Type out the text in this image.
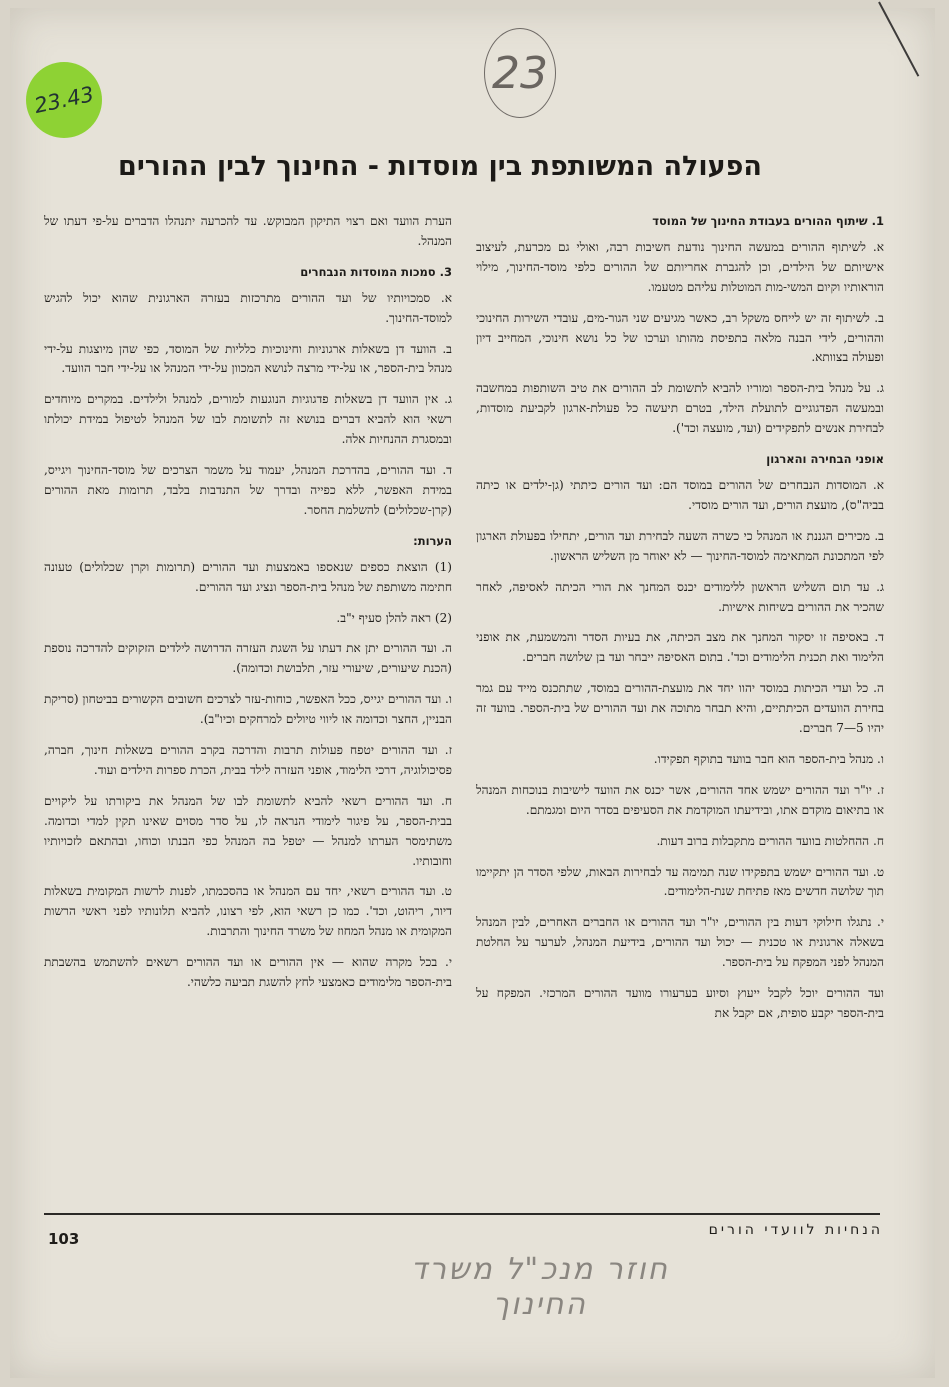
23.43
23
הפעולה המשותפת בין מוסדות - החינוך לבין ההורים

1. שיתוף ההורים בעבודת החינוך של המוסד

א. לשיתוף ההורים במעשה החינוך נודעת חשיבות רבה, ואולי גם מכרעת, לעיצוב אישיותם של הילדים, וכן להגברת אחריותם של ההורים כלפי מוסד-החינוך, מילוי הוראותיו וקיום המשי-מות המוטלות עליהם מטעמו.

ב. לשיתוף זה יש לייחס משקל רב, כאשר מגיעים שני הגור-מים, עובדי השירות החינוכי וההורים, לידי הבנה מלאה בתפיסת מהותו וערכו של כל נושא חינוכי, המחייב דיון ופעולה בצוותא.

ג. על מנהל בית-הספר ומוריו להביא לתשומת לב ההורים את טיב השותפות במחשבה ובמעשה הפדגוגיים לתועלת הילד, בטרם תיעשה כל פעולת-ארגון לקביעת מוסדות, לבחירת אנשים לתפקידים (ועד, מועצה וכד').

אופני הבחירה והארגון

א. המוסדות הנבחרים של ההורים במוסד הם: ועד הורים כיתתי (גן-ילדים או כיתה בביה"ס), מועצת הורים, ועד הורים מוסדי.

ב. מכירים הגננת או המנהל כי כשרה השעה לבחירת ועד הורים, יתחילו בפעולת הארגון לפי המתכונת המתאימה למוסד-החינוך — לא יאוחר מן השליש הראשון.

ג. עד תום השליש הראשון ללימודים יכנס המחנך את הורי הכיתה לאסיפה, לאחר שהכיר את ההורים בשיחות אישיות.

ד. באסיפה זו יסקור המחנך את מצב הכיתה, את בעיות הסדר והמשמעת, את אופני הלימוד ואת תכנית הלימודים וכד'. בתום האסיפה ייבחר ועד בן שלושה חברים.

ה. כל ועדי הכיתות במוסד יהוו יחד את מועצת-ההורים במוסד, שתתכנס מייד עם גמר בחירת הוועדים הכיתתיים, והיא תבחר מתוכה את ועד ההורים של בית-הספר. בוועד זה יהיו 5—7 חברים.

ו. מנהל בית-הספר הוא חבר בוועד בתוקף תפקידו.

ז. יו"ר ועד ההורים ישמש אחד ההורים, אשר יכנס את הוועד לישיבות בנוכחות המנהל או בתיאום מוקדם אתו, ובידיעתו המוקדמת את הסעיפים בסדר היום ומגמתם.

ח. ההחלטות בוועד ההורים מתקבלות ברוב דעות.

ט. ועד ההורים ישמש בתפקידו שנה תמימה עד לבחירות הבאות, שלפי הסדר הן יתקיימו תוך שלושה חדשים מאז פתיחת שנת-הלימודים.

י. נתגלו חילוקי דעות בין ההורים, יו"ר ועד ההורים או החברים האחרים, לבין המנהל בשאלה ארגונית או טכנית — יכול ועד ההורים, בידיעת המנהל, לערער על החלטת המנהל לפני המפקח על בית-הספר.

ועד ההורים יוכל לקבל ייעוץ וסיוע בערעורו מוועד ההורים המרכזי. המפקח על בית-הספר יקבע סופית, אם יקבל את

הערת הוועד ואם רצוי התיקון המבוקש. עד להכרעה יתנהלו הדברים על-פי דעתו של המנהל.

3. סמכות המוסדות הנבחרים

א. סמכויותיו של ועד ההורים מתרכזות בעזרה הארגונית שהוא יכול להגיש למוסד-החינוך.

ב. הוועד דן בשאלות ארגוניות וחינוכיות כלליות של המוסד, כפי שהן מיוצגות על-ידי מנהל בית-הספר, או על-ידי מרצה לנושא המכוון על-ידי המנהל או על-ידי חבר הוועד.

ג. אין הוועד דן בשאלות פדגוגיות הנוגעות למורים, למנהל ולילדים. במקרים מיוחדים רשאי הוא להביא דברים בנושא זה לתשומת לבו של המנהל לטיפול במידת יכולתו ובמסגרת ההנחיות אלה.

ד. ועד ההורים, בהדרכת המנהל, יעמוד על משמר הצרכים של מוסד-החינוך ויגייס, במידת האפשר, ללא כפייה ובדרך של התנדבות בלבד, תרומות מאת ההורים (קרן-שכלולים) להשלמת החסר.

הערות:

(1) הוצאת כספים שנאספו באמצעות ועד ההורים (תרומות וקרן שכלולים) טעונה חתימה משותפת של מנהל בית-הספר ונציג ועד ההורים.

(2) ראה להלן סעיף י"ב.

ה. ועד ההורים יתן את דעתו על השגת העזרה הדרושה לילדים הזקוקים להדרכה נוספת (הכנת שיעורים, שיעורי עזר, תלבושת וכדומה).

ו. ועד ההורים יגייס, ככל האפשר, כוחות-עזר לצרכים חשובים הקשורים בביטחון (סריקת הבניין, החצר וכדומה או ליווי טיולים למרחקים וכיו"ב).

ז. ועד ההורים יטפח פעולות תרבות והדרכה בקרב ההורים בשאלות חינוך, חברה, פסיכולוגיה, דרכי הלימוד, אופני העזרה לילד בבית, הכרת ספרות הילדים ועוד.

ח. ועד ההורים רשאי להביא לתשומת לבו של המנהל את ביקורתו על ליקויים בבית-הספר, על פיגור לימודי הנראה לו, על סדר מסוים שאינו תקין למדי וכדומה. משתימסר הערתו למנהל — יטפל בה המנהל כפי הבנתו וכוחו, ובהתאם לזכויותיו וחובותיו.

ט. ועד ההורים רשאי, יחד עם המנהל או בהסכמתו, לפנות לרשות המקומית בשאלות דיור, ריהוט, וכד'. כמו כן רשאי הוא, לפי רצונו, להביא תלונותיו לפני ראשי הרשות המקומית או מנהל המחוז של משרד החינוך והתרבות.

י. בכל מקרה שהוא — אין ההורים או ועד ההורים רשאים להשתמש בהשבתת בית-הספר מלימודים כאמצעי לחץ להשגת תביעה כלשהי.

103	הנחיות לוועדי הורים
חוזר מנכ"ל משרד החינוך
